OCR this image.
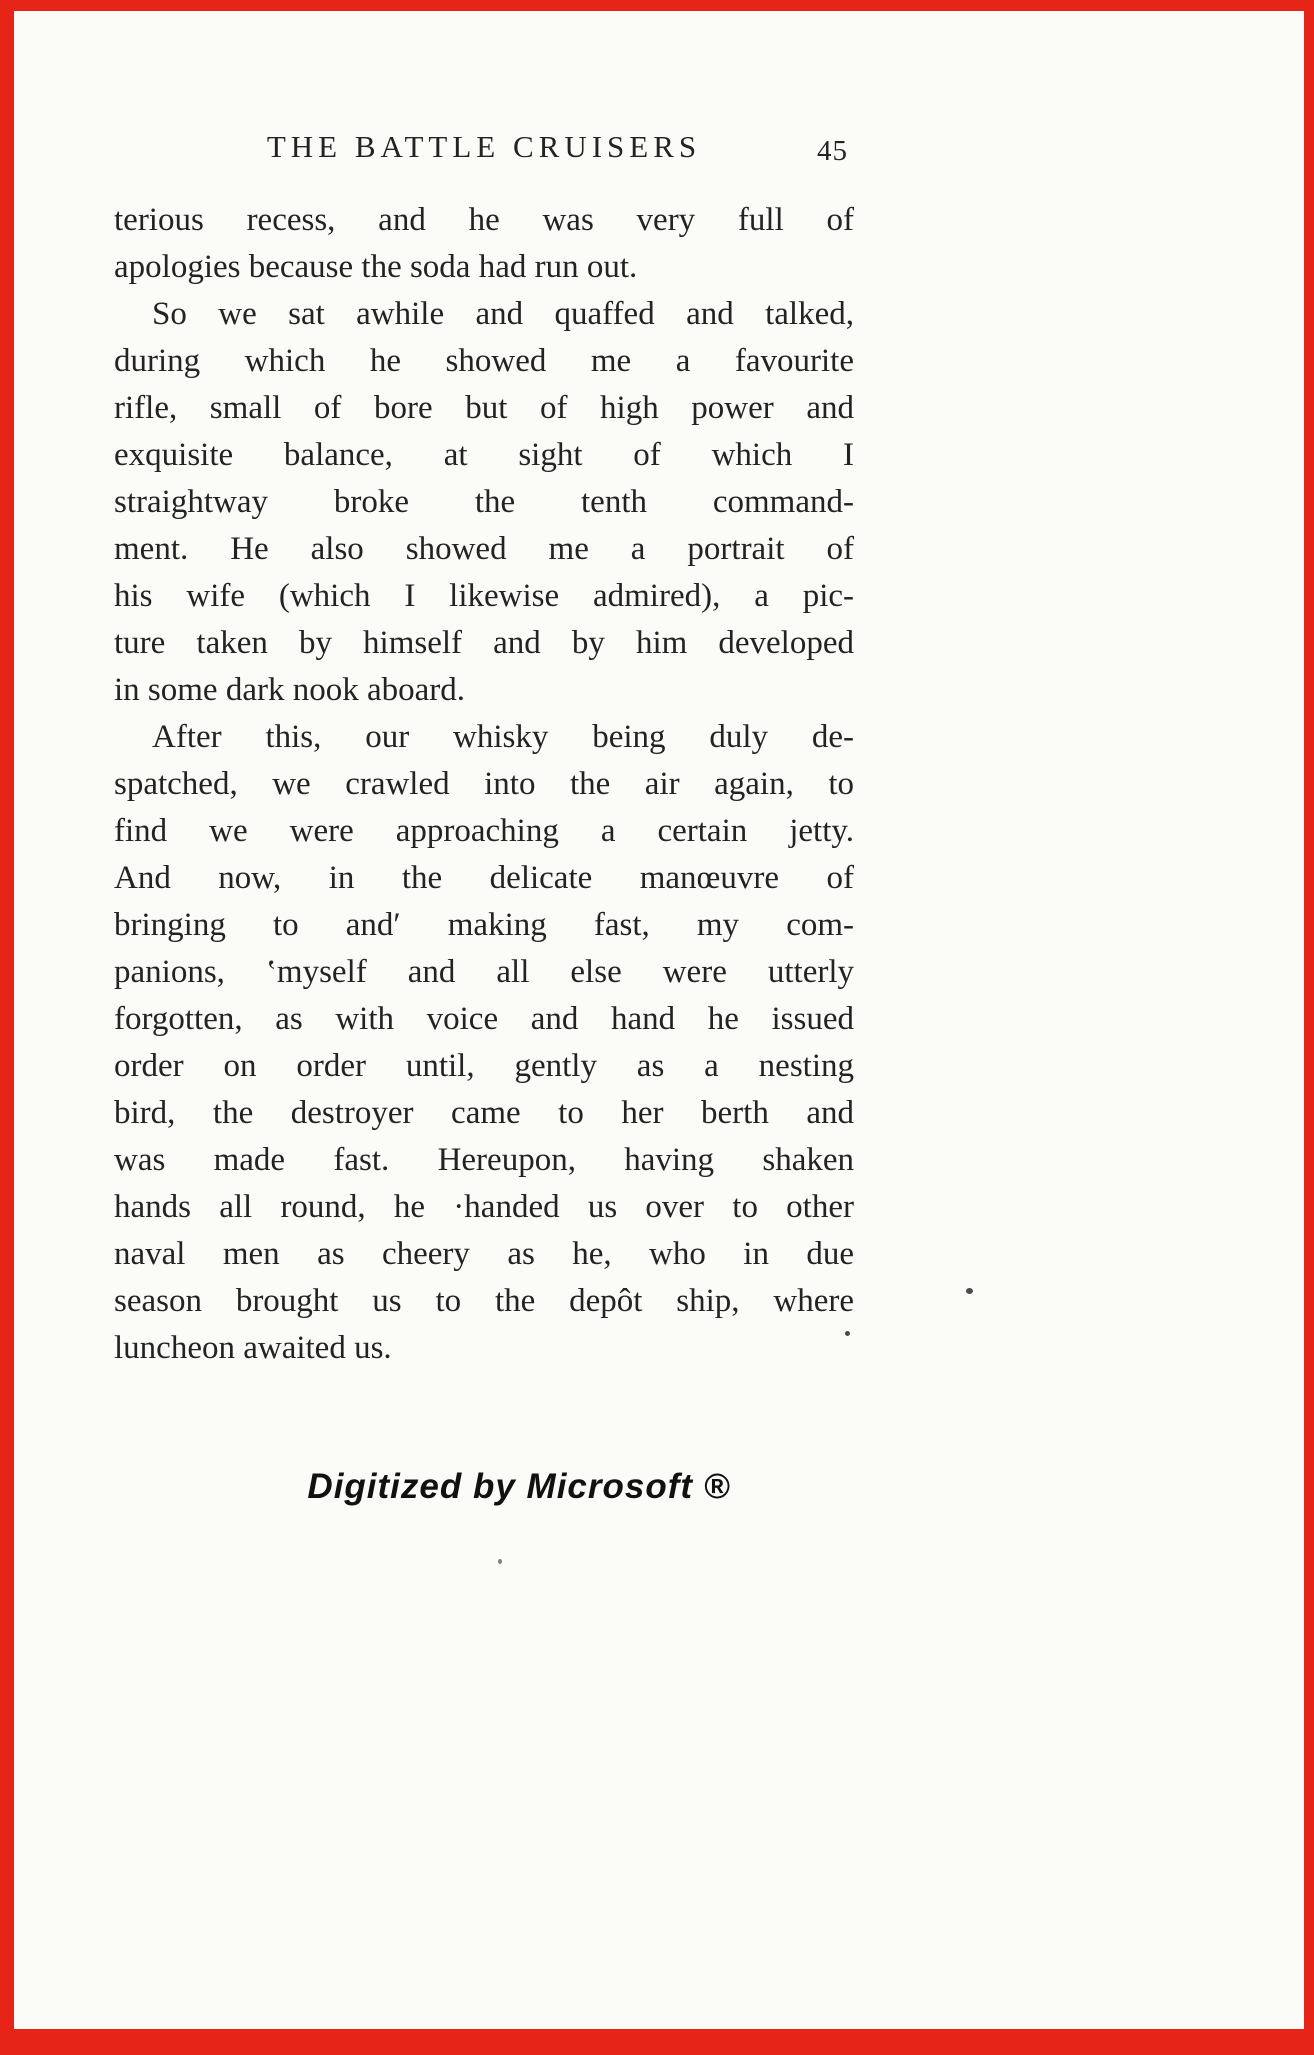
THE BATTLE CRUISERS	45
terious recess, and he was very full of
apologies because the soda had run out.
So we sat awhile and quaffed and talked,
during which he showed me a favourite
rifle, small of bore but of high power and
exquisite balance, at sight of which I
straightway broke the tenth command-
ment. He also showed me a portrait of
his wife (which I likewise admired), a pic-
ture taken by himself and by him developed
in some dark nook aboard.
After this, our whisky being duly de-
spatched, we crawled into the air again, to
find we were approaching a certain jetty.
And now, in the delicate manœuvre of
bringing to and′ making fast, my com-
panions, ‛myself and all else were utterly
forgotten, as with voice and hand he issued
order on order until, gently as a nesting
bird, the destroyer came to her berth and
was made fast. Hereupon, having shaken
hands all round, he ·handed us over to other
naval men as cheery as he, who in due
season brought us to the depôt ship, where
luncheon awaited us.
Digitized by Microsoft ®
